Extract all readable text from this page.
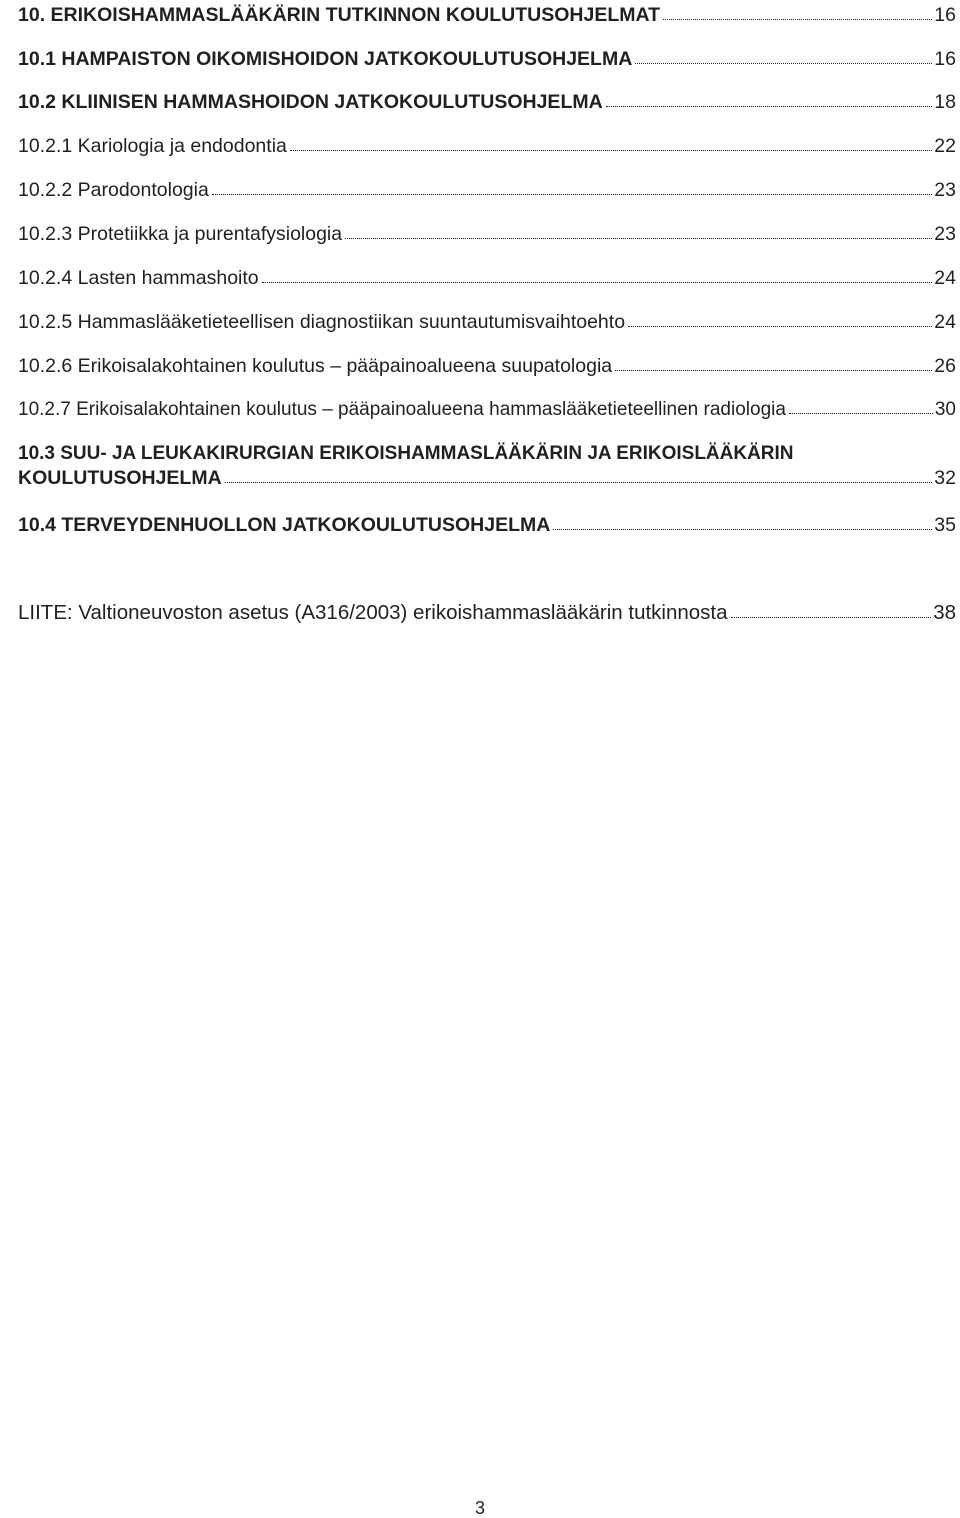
10. ERIKOISHAMMASLÄÄKÄRIN TUTKINNON KOULUTUSOHJELMAT	16
10.1 HAMPAISTON OIKOMISHOIDON JATKOKOULUTUSOHJELMA	16
10.2 KLIINISEN HAMMASHOIDON JATKOKOULUTUSOHJELMA	18
10.2.1 Kariologia ja endodontia	22
10.2.2 Parodontologia	23
10.2.3 Protetiikka ja purentafysiologia	23
10.2.4 Lasten hammashoito	24
10.2.5 Hammaslääketieteellisen diagnostiikan suuntautumisvaihtoehto	24
10.2.6 Erikoisalakohtainen koulutus – pääpainoalueena suupatologia	26
10.2.7 Erikoisalakohtainen koulutus – pääpainoalueena hammaslääketieteellinen radiologia	30
10.3 SUU- JA LEUKAKIRURGIAN ERIKOISHAMMASLÄÄKÄRIN JA ERIKOISLÄÄKÄRIN
KOULUTUSOHJELMA	32
10.4 TERVEYDENHUOLLON JATKOKOULUTUSOHJELMA	35
LIITE: Valtioneuvoston asetus (A316/2003) erikoishammaslääkärin tutkinnosta	38
3
